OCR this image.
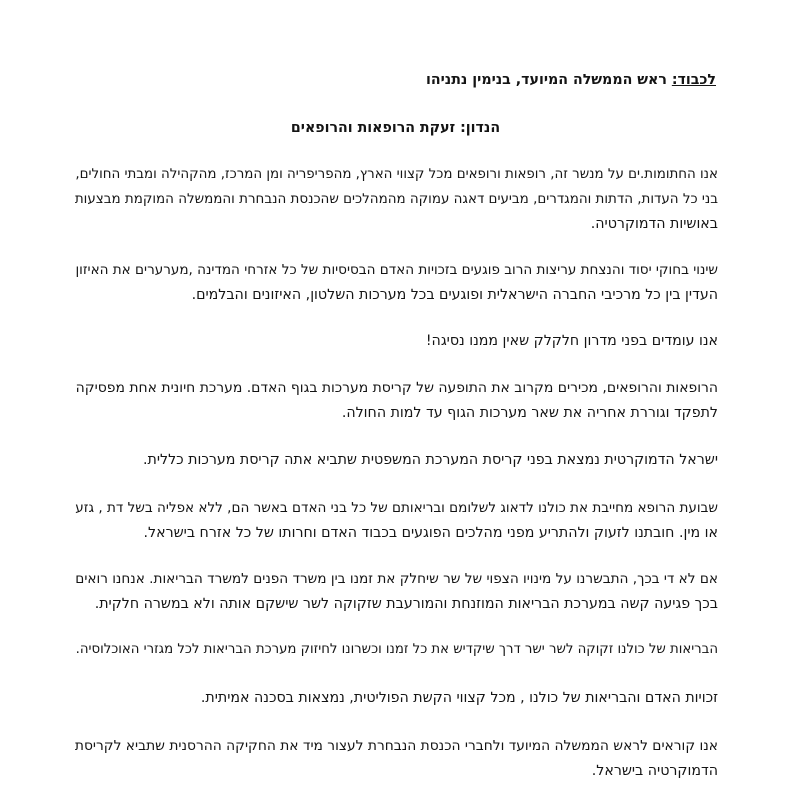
לכבוד: ראש הממשלה המיועד, בנימין נתניהו
הנדון: זעקת הרופאות והרופאים
אנו החתומות.ים על מנשר זה, רופאות ורופאים מכל קצווי הארץ, מהפריפריה ומן המרכז, מהקהילה ומבתי החולים,
בני כל העדות, הדתות והמגדרים, מביעים דאגה עמוקה מהמהלכים שהכנסת הנבחרת והממשלה המוקמת מבצעות
באושיות הדמוקרטיה.
שינוי בחוקי יסוד והנצחת עריצות הרוב פוגעים בזכויות האדם הבסיסיות של כל אזרחי המדינה ,מערערים את האיזון
העדין בין כל מרכיבי החברה הישראלית ופוגעים בכל מערכות השלטון, האיזונים והבלמים.
אנו עומדים בפני מדרון חלקלק שאין ממנו נסיגה!
הרופאות והרופאים, מכירים מקרוב את התופעה של קריסת מערכות בגוף האדם. מערכת חיונית אחת מפסיקה
לתפקד וגוררת אחריה את שאר מערכות הגוף עד למות החולה.
ישראל הדמוקרטית נמצאת בפני קריסת המערכת המשפטית שתביא אתה קריסת מערכות כללית.
שבועת הרופא מחייבת את כולנו לדאוג לשלומם ובריאותם של כל בני האדם באשר הם, ללא אפליה בשל דת , גזע
או מין. חובתנו לזעוק ולהתריע מפני מהלכים הפוגעים בכבוד האדם וחרותו של כל אזרח בישראל.
אם לא די בכך, התבשרנו על מינויו הצפוי של שר שיחלק את זמנו בין משרד הפנים למשרד הבריאות. אנחנו רואים
בכך פגיעה קשה במערכת הבריאות המוזנחת והמורעבת שזקוקה לשר שישקם אותה ולא במשרה חלקית.
הבריאות של כולנו זקוקה לשר ישר דרך שיקדיש את כל זמנו וכשרונו לחיזוק מערכת הבריאות לכל מגזרי האוכלוסיה.
זכויות האדם והבריאות של כולנו , מכל קצווי הקשת הפוליטית, נמצאות בסכנה אמיתית.
אנו קוראים לראש הממשלה המיועד ולחברי הכנסת הנבחרת לעצור מיד את החקיקה ההרסנית שתביא לקריסת
הדמוקרטיה בישראל.
